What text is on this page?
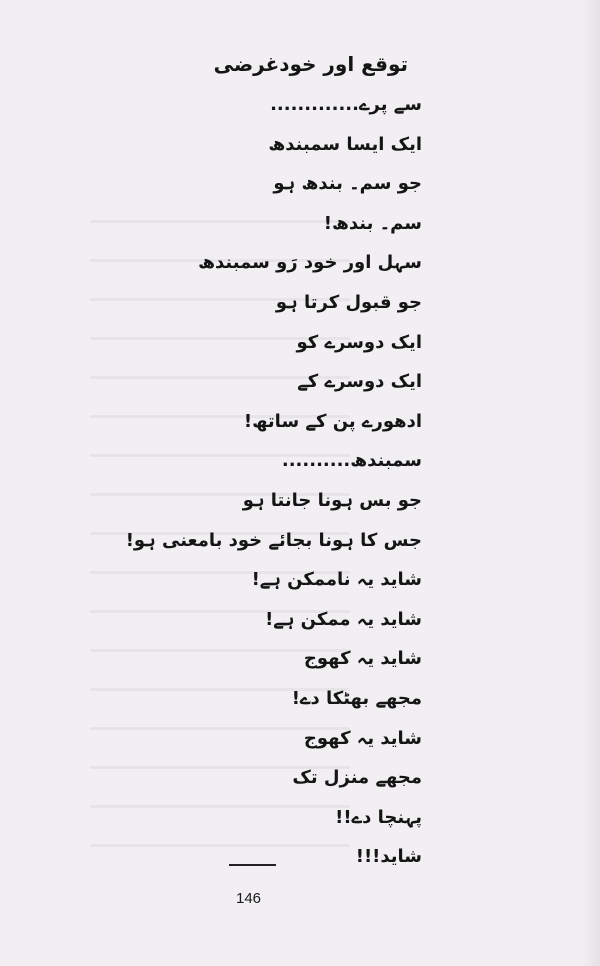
توقع اور خودغرضی
سے پرے.............
ایک ایسا سمبندھ
جو سم۔ بندھ ہو
سم۔ بندھ!
سہل اور خود رَو سمبندھ
جو قبول کرتا ہو
ایک دوسرے کو
ایک دوسرے کے
ادھورے پن کے ساتھ!
سمبندھ..........
جو بس ہونا جانتا ہو
جس کا ہونا بجائے خود بامعنی ہو!
شاید یہ ناممکن ہے!
شاید یہ ممکن ہے!
شاید یہ کھوج
مجھے بھٹکا دے!
شاید یہ کھوج
مجھے منزل تک
پہنچا دے!!
شاید!!!
146
